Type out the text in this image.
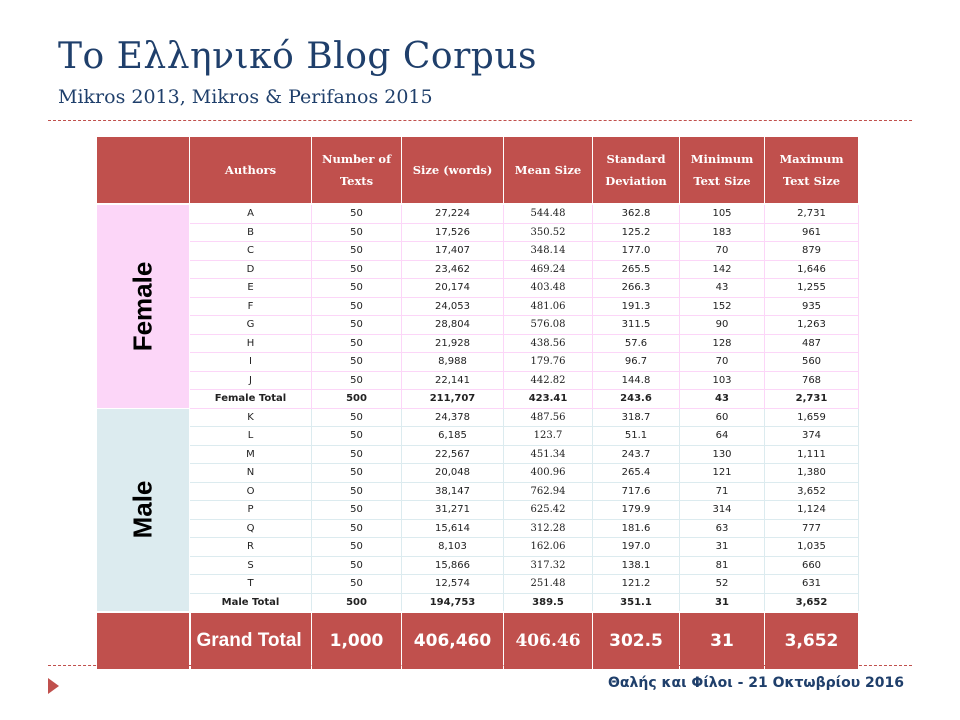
Το Ελληνικό Blog Corpus
Mikros 2013, Mikros & Perifanos 2015
	Authors	Number of Texts	Size (words)	Mean Size	Standard Deviation	Minimum Text Size	Maximum Text Size
Female	A	50	27,224	544.48	362.8	105	2,731
	B	50	17,526	350.52	125.2	183	961
	C	50	17,407	348.14	177.0	70	879
	D	50	23,462	469.24	265.5	142	1,646
	E	50	20,174	403.48	266.3	43	1,255
	F	50	24,053	481.06	191.3	152	935
	G	50	28,804	576.08	311.5	90	1,263
	H	50	21,928	438.56	57.6	128	487
	I	50	8,988	179.76	96.7	70	560
	J	50	22,141	442.82	144.8	103	768
	Female Total	500	211,707	423.41	243.6	43	2,731
Male	K	50	24,378	487.56	318.7	60	1,659
	L	50	6,185	123.7	51.1	64	374
	M	50	22,567	451.34	243.7	130	1,111
	N	50	20,048	400.96	265.4	121	1,380
	O	50	38,147	762.94	717.6	71	3,652
	P	50	31,271	625.42	179.9	314	1,124
	Q	50	15,614	312.28	181.6	63	777
	R	50	8,103	162.06	197.0	31	1,035
	S	50	15,866	317.32	138.1	81	660
	T	50	12,574	251.48	121.2	52	631
	Male Total	500	194,753	389.5	351.1	31	3,652
	Grand Total	1,000	406,460	406.46	302.5	31	3,652
Θαλής και Φίλοι - 21 Οκτωβρίου 2016
